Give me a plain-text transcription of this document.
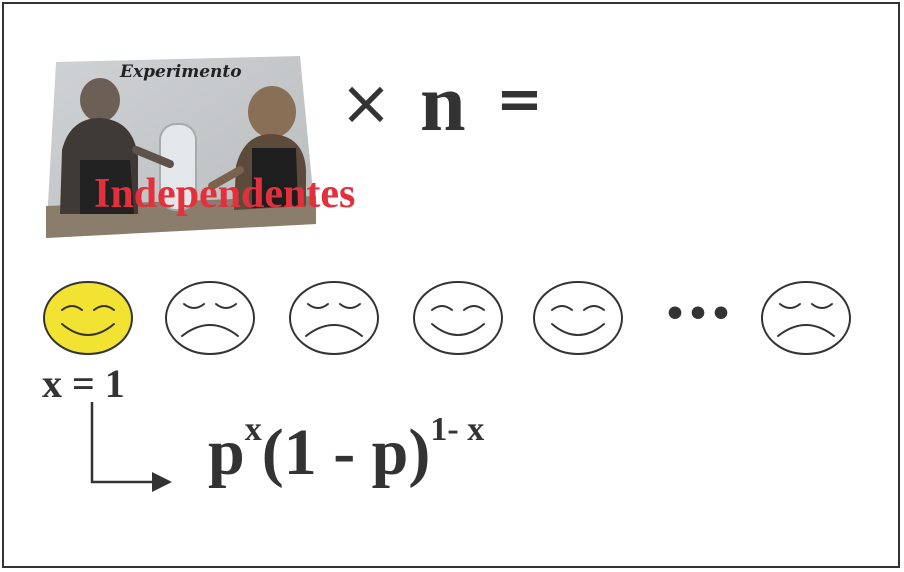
Experimento
Independentes
× n =
•••
x = 1
px(1 - p)1- x
